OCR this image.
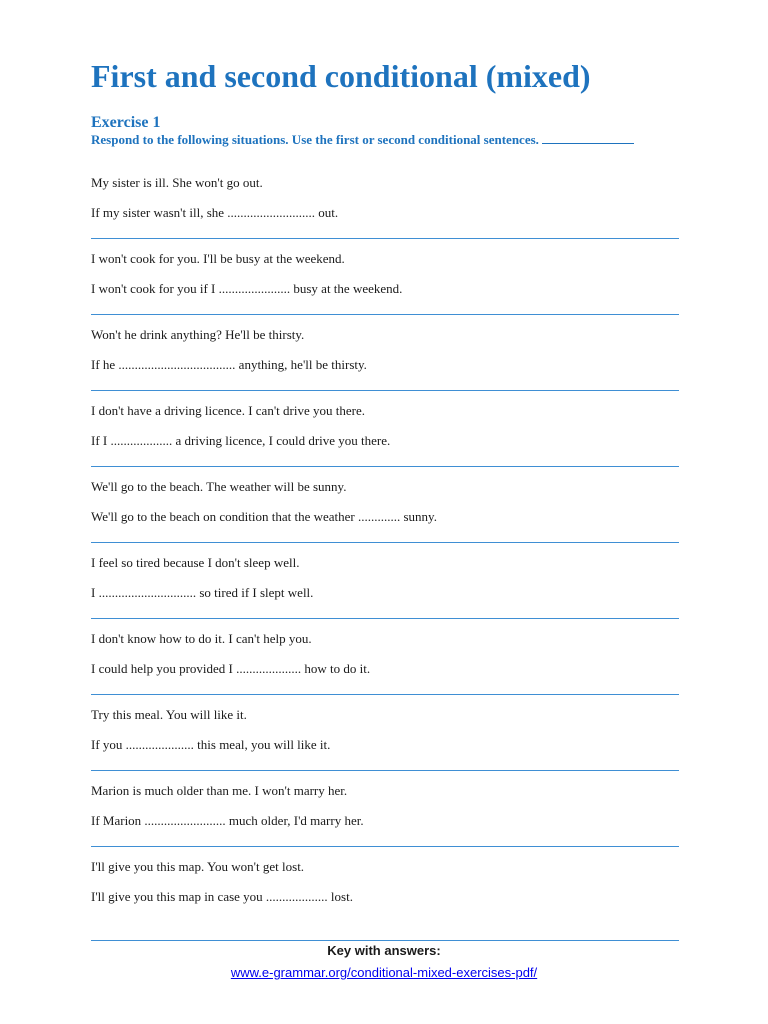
First and second conditional (mixed)
Exercise 1
Respond to the following situations. Use the first or second conditional sentences.
My sister is ill. She won't go out.
If my sister wasn't ill, she ........................... out.
I won't cook for you. I'll be busy at the weekend.
I won't cook for you if I ...................... busy at the weekend.
Won't he drink anything? He'll be thirsty.
If he .................................... anything, he'll be thirsty.
I don't have a driving licence. I can't drive you there.
If I ................... a driving licence, I could drive you there.
We'll go to the beach. The weather will be sunny.
We'll go to the beach on condition that the weather ............. sunny.
I feel so tired because I don't sleep well.
I .............................. so tired if I slept well.
I don't know how to do it. I can't help you.
I could help you provided I .................... how to do it.
Try this meal. You will like it.
If you ..................... this meal, you will like it.
Marion is much older than me. I won't marry her.
If Marion ......................... much older, I'd marry her.
I'll give you this map. You won't get lost.
I'll give you this map in case you ................... lost.
Key with answers:
www.e-grammar.org/conditional-mixed-exercises-pdf/
